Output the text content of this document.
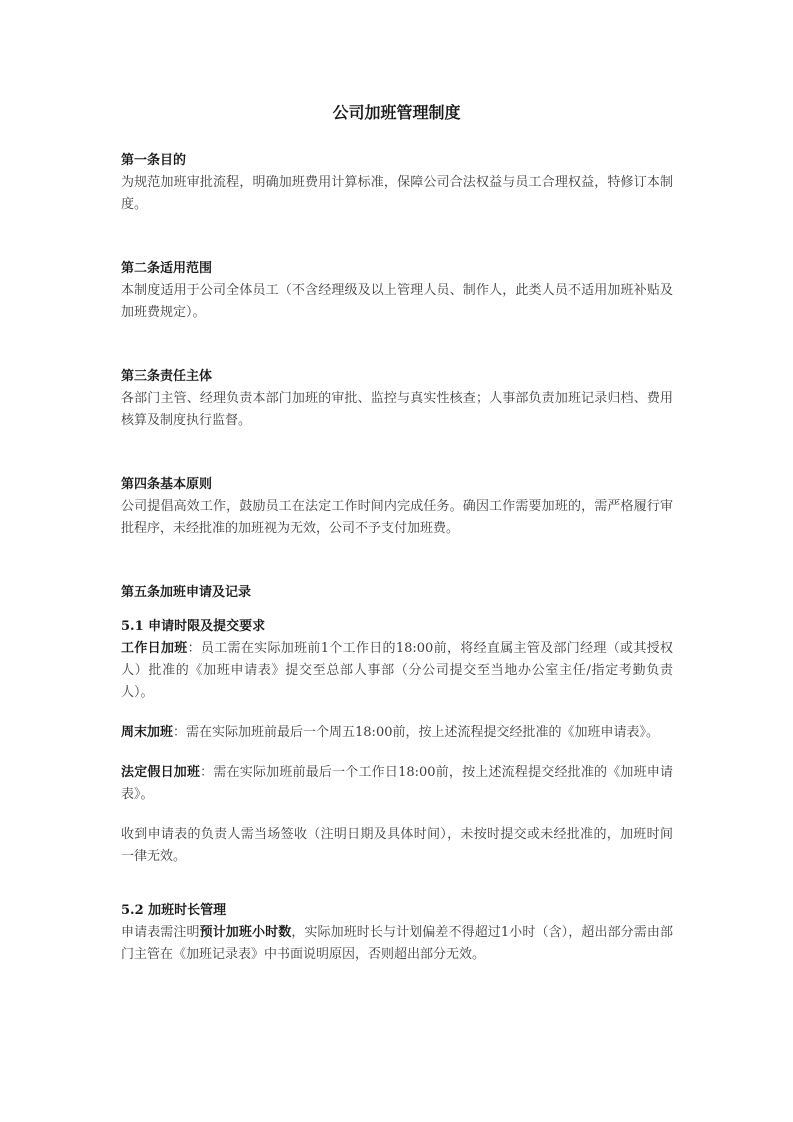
公司加班管理制度

第一条目的

为规范加班审批流程，明确加班费用计算标准，保障公司合法权益与员工合理权益，特修订本制度。

第二条适用范围

本制度适用于公司全体员工（不含经理级及以上管理人员、制作人，此类人员不适用加班补贴及加班费规定）。

第三条责任主体

各部门主管、经理负责本部门加班的审批、监控与真实性核查；人事部负责加班记录归档、费用核算及制度执行监督。

第四条基本原则

公司提倡高效工作，鼓励员工在法定工作时间内完成任务。确因工作需要加班的，需严格履行审批程序，未经批准的加班视为无效，公司不予支付加班费。

第五条加班申请及记录

5.1 申请时限及提交要求

工作日加班：员工需在实际加班前1个工作日的18:00前，将经直属主管及部门经理（或其授权人）批准的《加班申请表》提交至总部人事部（分公司提交至当地办公室主任/指定考勤负责人）。

周末加班：需在实际加班前最后一个周五18:00前，按上述流程提交经批准的《加班申请表》。

法定假日加班：需在实际加班前最后一个工作日18:00前，按上述流程提交经批准的《加班申请表》。

收到申请表的负责人需当场签收（注明日期及具体时间），未按时提交或未经批准的，加班时间一律无效。

5.2 加班时长管理

申请表需注明预计加班小时数，实际加班时长与计划偏差不得超过1小时（含），超出部分需由部门主管在《加班记录表》中书面说明原因，否则超出部分无效。
